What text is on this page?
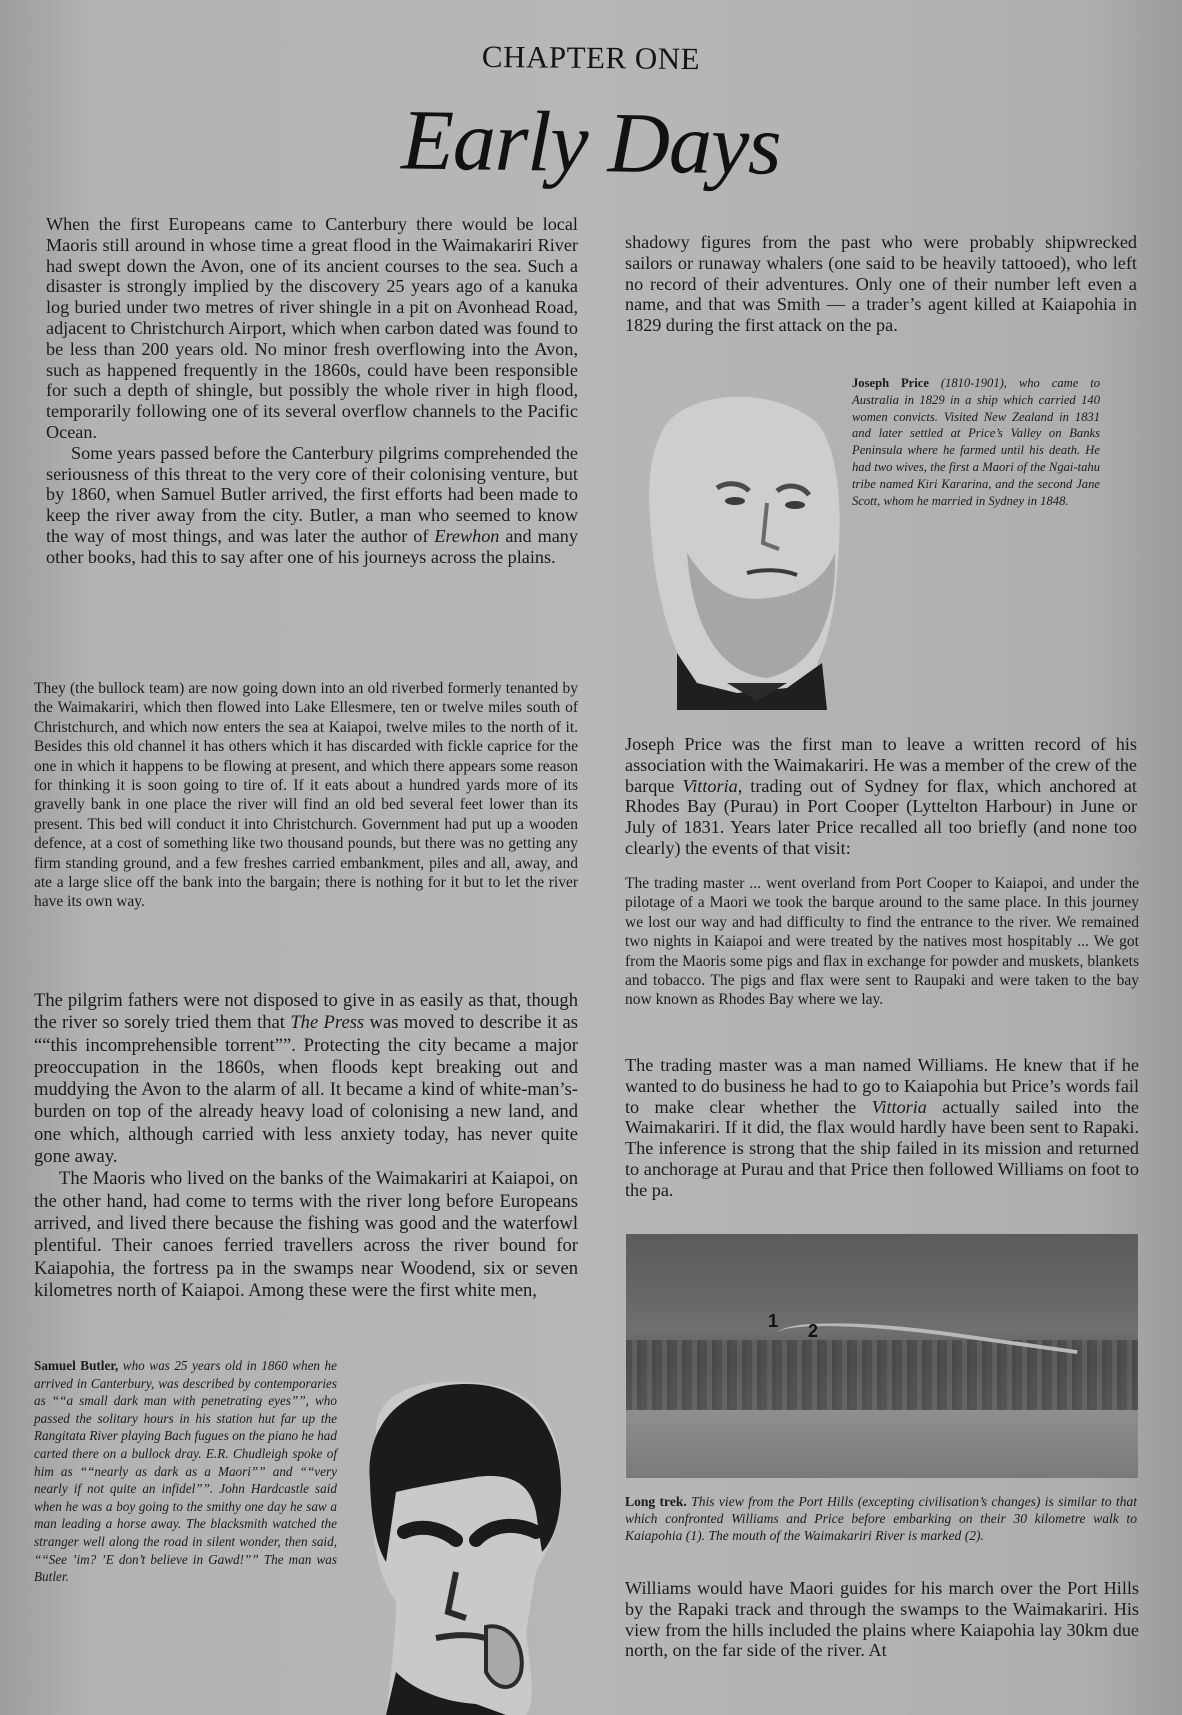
CHAPTER ONE
Early Days

When the first Europeans came to Canterbury there would be local Maoris still around in whose time a great flood in the Waimakariri River had swept down the Avon, one of its ancient courses to the sea. Such a disaster is strongly implied by the discovery 25 years ago of a kanuka log buried under two metres of river shingle in a pit on Avonhead Road, adjacent to Christchurch Airport, which when carbon dated was found to be less than 200 years old. No minor fresh overflowing into the Avon, such as happened frequently in the 1860s, could have been responsible for such a depth of shingle, but possibly the whole river in high flood, temporarily following one of its several overflow channels to the Pacific Ocean.

Some years passed before the Canterbury pilgrims comprehended the seriousness of this threat to the very core of their colonising venture, but by 1860, when Samuel Butler arrived, the first efforts had been made to keep the river away from the city. Butler, a man who seemed to know the way of most things, and was later the author of Erewhon and many other books, had this to say after one of his journeys across the plains.

They (the bullock team) are now going down into an old riverbed formerly tenanted by the Waimakariri, which then flowed into Lake Ellesmere, ten or twelve miles south of Christchurch, and which now enters the sea at Kaiapoi, twelve miles to the north of it. Besides this old channel it has others which it has discarded with fickle caprice for the one in which it happens to be flowing at present, and which there appears some reason for thinking it is soon going to tire of. If it eats about a hundred yards more of its gravelly bank in one place the river will find an old bed several feet lower than its present. This bed will conduct it into Christchurch. Government had put up a wooden defence, at a cost of something like two thousand pounds, but there was no getting any firm standing ground, and a few freshes carried embankment, piles and all, away, and ate a large slice off the bank into the bargain; there is nothing for it but to let the river have its own way.

The pilgrim fathers were not disposed to give in as easily as that, though the river so sorely tried them that The Press was moved to describe it as ““this incomprehensible torrent””. Protecting the city became a major preoccupation in the 1860s, when floods kept breaking out and muddying the Avon to the alarm of all. It became a kind of white-man’s-burden on top of the already heavy load of colonising a new land, and one which, although carried with less anxiety today, has never quite gone away.

The Maoris who lived on the banks of the Waimakariri at Kaiapoi, on the other hand, had come to terms with the river long before Europeans arrived, and lived there because the fishing was good and the waterfowl plentiful. Their canoes ferried travellers across the river bound for Kaiapohia, the fortress pa in the swamps near Woodend, six or seven kilometres north of Kaiapoi. Among these were the first white men,

Samuel Butler, who was 25 years old in 1860 when he arrived in Canterbury, was described by contemporaries as ““a small dark man with penetrating eyes””, who passed the solitary hours in his station hut far up the Rangitata River playing Bach fugues on the piano he had carted there on a bullock dray. E.R. Chudleigh spoke of him as ““nearly as dark as a Maori”” and ““very nearly if not quite an infidel””. John Hardcastle said when he was a boy going to the smithy one day he saw a man leading a horse away. The blacksmith watched the stranger well along the road in silent wonder, then said, ““See ’im? ’E don’t believe in Gawd!”” The man was Butler.

shadowy figures from the past who were probably shipwrecked sailors or runaway whalers (one said to be heavily tattooed), who left no record of their adventures. Only one of their number left even a name, and that was Smith — a trader’s agent killed at Kaiapohia in 1829 during the first attack on the pa.

Joseph Price (1810-1901), who came to Australia in 1829 in a ship which carried 140 women convicts. Visited New Zealand in 1831 and later settled at Price’s Valley on Banks Peninsula where he farmed until his death. He had two wives, the first a Maori of the Ngai-tahu tribe named Kiri Kararina, and the second Jane Scott, whom he married in Sydney in 1848.

Joseph Price was the first man to leave a written record of his association with the Waimakariri. He was a member of the crew of the barque Vittoria, trading out of Sydney for flax, which anchored at Rhodes Bay (Purau) in Port Cooper (Lyttelton Harbour) in June or July of 1831. Years later Price recalled all too briefly (and none too clearly) the events of that visit:

The trading master ... went overland from Port Cooper to Kaiapoi, and under the pilotage of a Maori we took the barque around to the same place. In this journey we lost our way and had difficulty to find the entrance to the river. We remained two nights in Kaiapoi and were treated by the natives most hospitably ... We got from the Maoris some pigs and flax in exchange for powder and muskets, blankets and tobacco. The pigs and flax were sent to Raupaki and were taken to the bay now known as Rhodes Bay where we lay.

The trading master was a man named Williams. He knew that if he wanted to do business he had to go to Kaiapohia but Price’s words fail to make clear whether the Vittoria actually sailed into the Waimakariri. If it did, the flax would hardly have been sent to Rapaki. The inference is strong that the ship failed in its mission and returned to anchorage at Purau and that Price then followed Williams on foot to the pa.

1 2

Long trek. This view from the Port Hills (excepting civilisation’s changes) is similar to that which confronted Williams and Price before embarking on their 30 kilometre walk to Kaiapohia (1). The mouth of the Waimakariri River is marked (2).

Williams would have Maori guides for his march over the Port Hills by the Rapaki track and through the swamps to the Waimakariri. His view from the hills included the plains where Kaiapohia lay 30km due north, on the far side of the river. At
